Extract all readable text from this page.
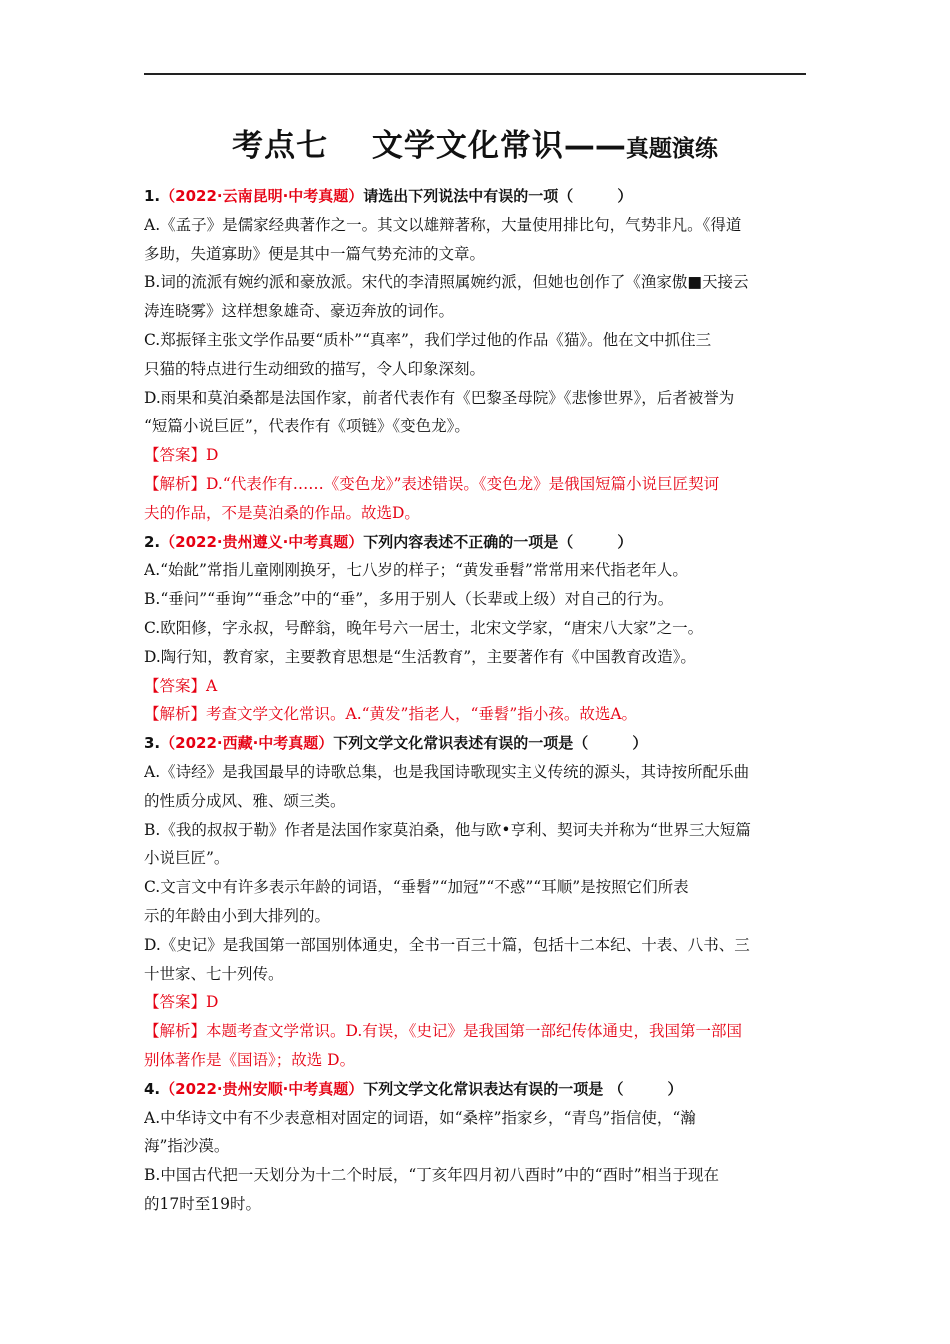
考点七　 文学文化常识——真题演练
1.（2022·云南昆明·中考真题）请选出下列说法中有误的一项（	）
A.《孟子》是儒家经典著作之一。其文以雄辩著称，大量使用排比句，气势非凡。《得道
多助，失道寡助》便是其中一篇气势充沛的文章。
B.词的流派有婉约派和豪放派。宋代的李清照属婉约派，但她也创作了《渔家傲■天接云
涛连晓雾》这样想象雄奇、豪迈奔放的词作。
C.郑振铎主张文学作品要“质朴”“真率”，我们学过他的作品《猫》。他在文中抓住三
只猫的特点进行生动细致的描写，令人印象深刻。
D.雨果和莫泊桑都是法国作家，前者代表作有《巴黎圣母院》《悲惨世界》，后者被誉为
“短篇小说巨匠”，代表作有《项链》《变色龙》。
【答案】D
【解析】D.“代表作有……《变色龙》”表述错误。《变色龙》是俄国短篇小说巨匠契诃
夫的作品，不是莫泊桑的作品。故选D。
2.（2022·贵州遵义·中考真题）下列内容表述不正确的一项是（	）
A.“始龀”常指儿童刚刚换牙，七八岁的样子；“黄发垂髫”常常用来代指老年人。
B.“垂问”“垂询”“垂念”中的“垂”，多用于别人（长辈或上级）对自己的行为。
C.欧阳修，字永叔，号醉翁，晚年号六一居士，北宋文学家，“唐宋八大家”之一。
D.陶行知，教育家，主要教育思想是“生活教育”，主要著作有《中国教育改造》。
【答案】A
【解析】考查文学文化常识。A.“黄发”指老人，“垂髫”指小孩。故选A。
3.（2022·西藏·中考真题）下列文学文化常识表述有误的一项是（	）
A.《诗经》是我国最早的诗歌总集，也是我国诗歌现实主义传统的源头，其诗按所配乐曲
的性质分成风、雅、颂三类。
B.《我的叔叔于勒》作者是法国作家莫泊桑，他与欧•亨利、契诃夫并称为“世界三大短篇
小说巨匠”。
C.文言文中有许多表示年龄的词语，“垂髫”“加冠”“不惑”“耳顺”是按照它们所表
示的年龄由小到大排列的。
D.《史记》是我国第一部国别体通史，全书一百三十篇，包括十二本纪、十表、八书、三
十世家、七十列传。
【答案】D
【解析】本题考查文学常识。D.有误，《史记》是我国第一部纪传体通史，我国第一部国
别体著作是《国语》；故选 D。
4.（2022·贵州安顺·中考真题）下列文学文化常识表达有误的一项是 （	）
A.中华诗文中有不少表意相对固定的词语，如“桑梓”指家乡，“青鸟”指信使，“瀚
海”指沙漠。
B.中国古代把一天划分为十二个时辰，“丁亥年四月初八酉时”中的“酉时”相当于现在
的17时至19时。
